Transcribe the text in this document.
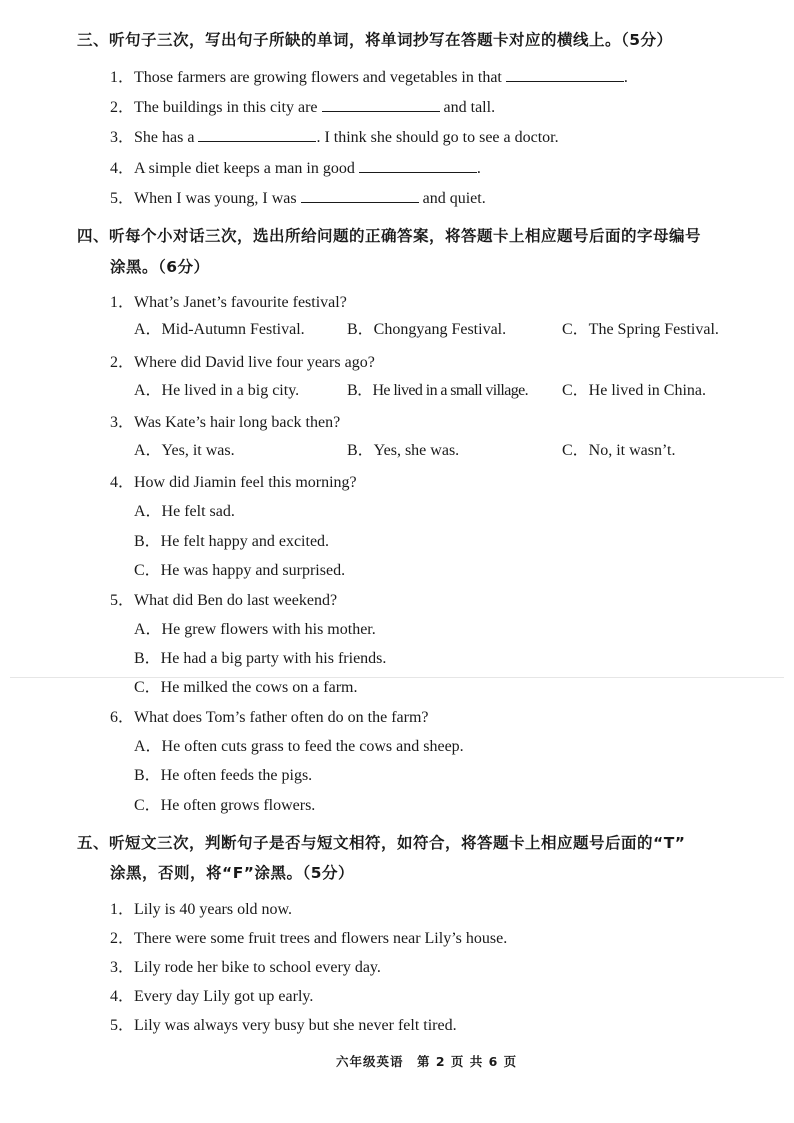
三、听句子三次，写出句子所缺的单词，将单词抄写在答题卡对应的横线上。（5分）
1．Those farmers are growing flowers and vegetables in that	.
2．The buildings in this city are	and tall.
3．She has a	. I think she should go to see a doctor.
4．A simple diet keeps a man in good	.
5．When I was young, I was	and quiet.
四、听每个小对话三次，选出所给问题的正确答案，将答题卡上相应题号后面的字母编号
涂黑。（6分）
1．What’s Janet’s favourite festival?
A．Mid-Autumn Festival.	B．Chongyang Festival.	C．The Spring Festival.
2．Where did David live four years ago?
A．He lived in a big city.	B．He lived in a small village. C．He lived in China.
3．Was Kate’s hair long back then?
A．Yes, it was.	B．Yes, she was.	C．No, it wasn’t.
4．How did Jiamin feel this morning?
A．He felt sad.
B．He felt happy and excited.
C．He was happy and surprised.
5．What did Ben do last weekend?
A．He grew flowers with his mother.
B．He had a big party with his friends.
C．He milked the cows on a farm.
6．What does Tom’s father often do on the farm?
A．He often cuts grass to feed the cows and sheep.
B．He often feeds the pigs.
C．He often grows flowers.
五、听短文三次，判断句子是否与短文相符，如符合，将答题卡上相应题号后面的“T”
涂黑，否则，将“F”涂黑。（5分）
1．Lily is 40 years old now.
2．There were some fruit trees and flowers near Lily’s house.
3．Lily rode her bike to school every day.
4．Every day Lily got up early.
5．Lily was always very busy but she never felt tired.
六年级英语　第 2 页 共 6 页
